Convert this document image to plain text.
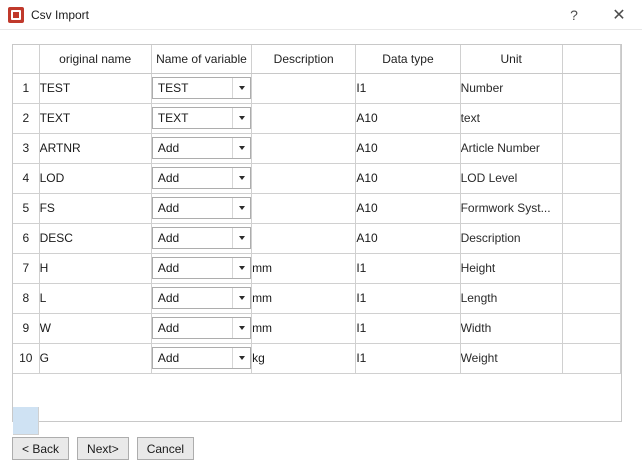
Csv Import	?	✕
	original name	Name of variable	Description	Data type	Unit	
1	TEST	TEST		I1	Number	
2	TEXT	TEXT		A10	text	
3	ARTNR	Add		A10	Article Number	
4	LOD	Add		A10	LOD Level	
5	FS	Add		A10	Formwork Syst...	
6	DESC	Add		A10	Description	
7	H	Add	mm	I1	Height	
8	L	Add	mm	I1	Length	
9	W	Add	mm	I1	Width	
10	G	Add	kg	I1	Weight	
< Back	Next>	Cancel
